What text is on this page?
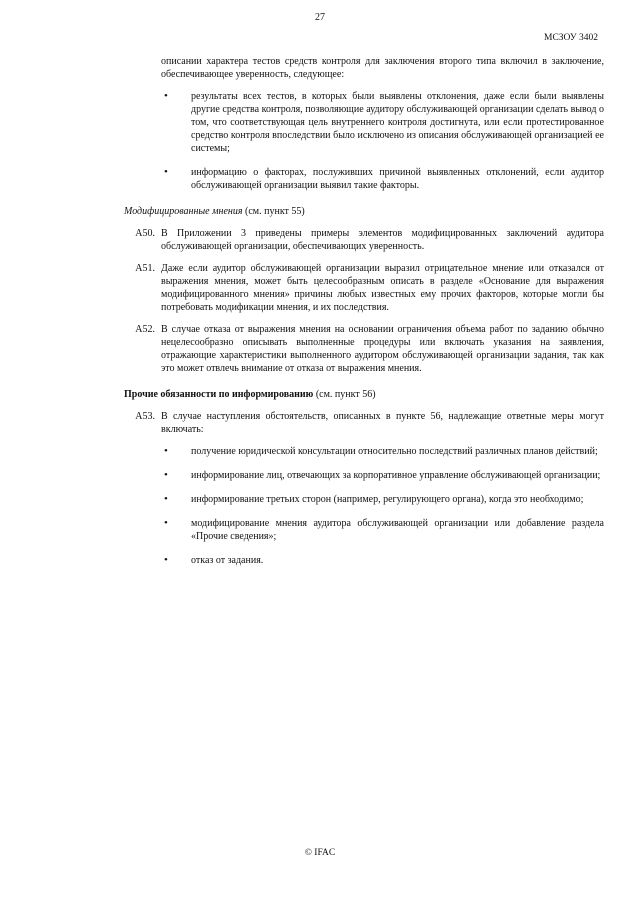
27
МСЗОУ 3402

описании характера тестов средств контроля для заключения второго типа включил в заключение, обеспечивающее уверенность, следующее:

• результаты всех тестов, в которых были выявлены отклонения, даже если были выявлены другие средства контроля, позволяющие аудитору обслуживающей организации сделать вывод о том, что соответствующая цель внутреннего контроля достигнута, или если протестированное средство контроля впоследствии было исключено из описания обслуживающей организацией ее системы;
• информацию о факторах, послуживших причиной выявленных отклонений, если аудитор обслуживающей организации выявил такие факторы.

Модифицированные мнения (см. пункт 55)

A50. В Приложении 3 приведены примеры элементов модифицированных заключений аудитора обслуживающей организации, обеспечивающих уверенность.
A51. Даже если аудитор обслуживающей организации выразил отрицательное мнение или отказался от выражения мнения, может быть целесообразным описать в разделе «Основание для выражения модифицированного мнения» причины любых известных ему прочих факторов, которые могли бы потребовать модификации мнения, и их последствия.
A52. В случае отказа от выражения мнения на основании ограничения объема работ по заданию обычно нецелесообразно описывать выполненные процедуры или включать указания на заявления, отражающие характеристики выполненного аудитором обслуживающей организации задания, так как это может отвлечь внимание от отказа от выражения мнения.

Прочие обязанности по информированию (см. пункт 56)

A53. В случае наступления обстоятельств, описанных в пункте 56, надлежащие ответные меры могут включать:
• получение юридической консультации относительно последствий различных планов действий;
• информирование лиц, отвечающих за корпоративное управление обслуживающей организации;
• информирование третьих сторон (например, регулирующего органа), когда это необходимо;
• модифицирование мнения аудитора обслуживающей организации или добавление раздела «Прочие сведения»;
• отказ от задания.
© IFAC
